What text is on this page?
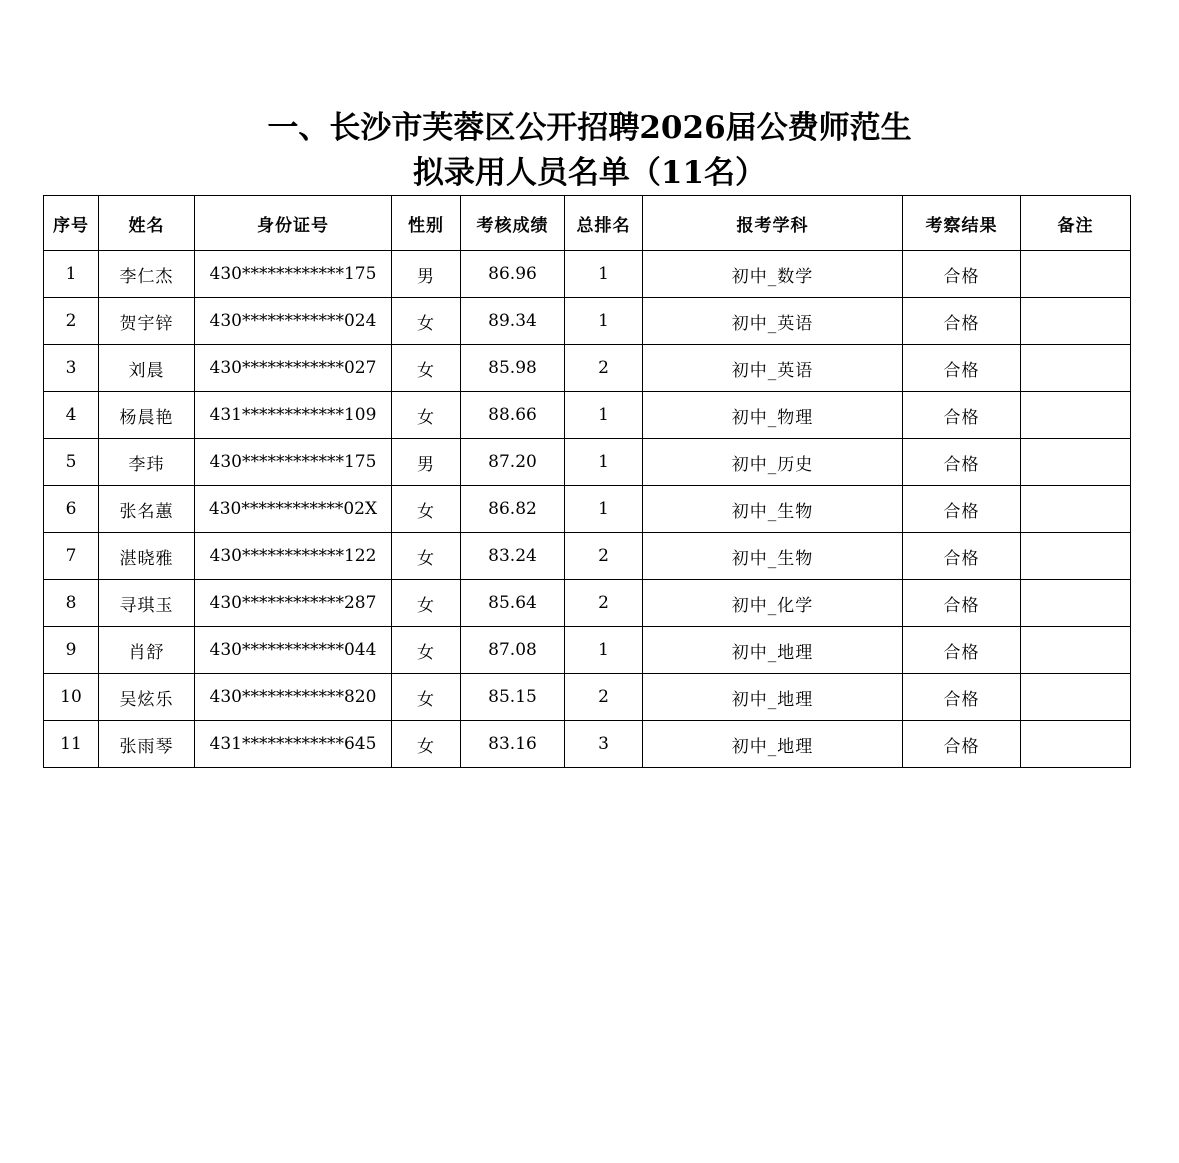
一、长沙市芙蓉区公开招聘2026届公费师范生
拟录用人员名单（11名）
序号	姓名	身份证号	性别	考核成绩	总排名	报考学科	考察结果	备注
1	李仁杰	430************175	男	86.96	1	初中_数学	合格	
2	贺宇锌	430************024	女	89.34	1	初中_英语	合格	
3	刘晨	430************027	女	85.98	2	初中_英语	合格	
4	杨晨艳	431************109	女	88.66	1	初中_物理	合格	
5	李玮	430************175	男	87.20	1	初中_历史	合格	
6	张名蕙	430************02X	女	86.82	1	初中_生物	合格	
7	湛晓雅	430************122	女	83.24	2	初中_生物	合格	
8	寻琪玉	430************287	女	85.64	2	初中_化学	合格	
9	肖舒	430************044	女	87.08	1	初中_地理	合格	
10	吴炫乐	430************820	女	85.15	2	初中_地理	合格	
11	张雨琴	431************645	女	83.16	3	初中_地理	合格	
